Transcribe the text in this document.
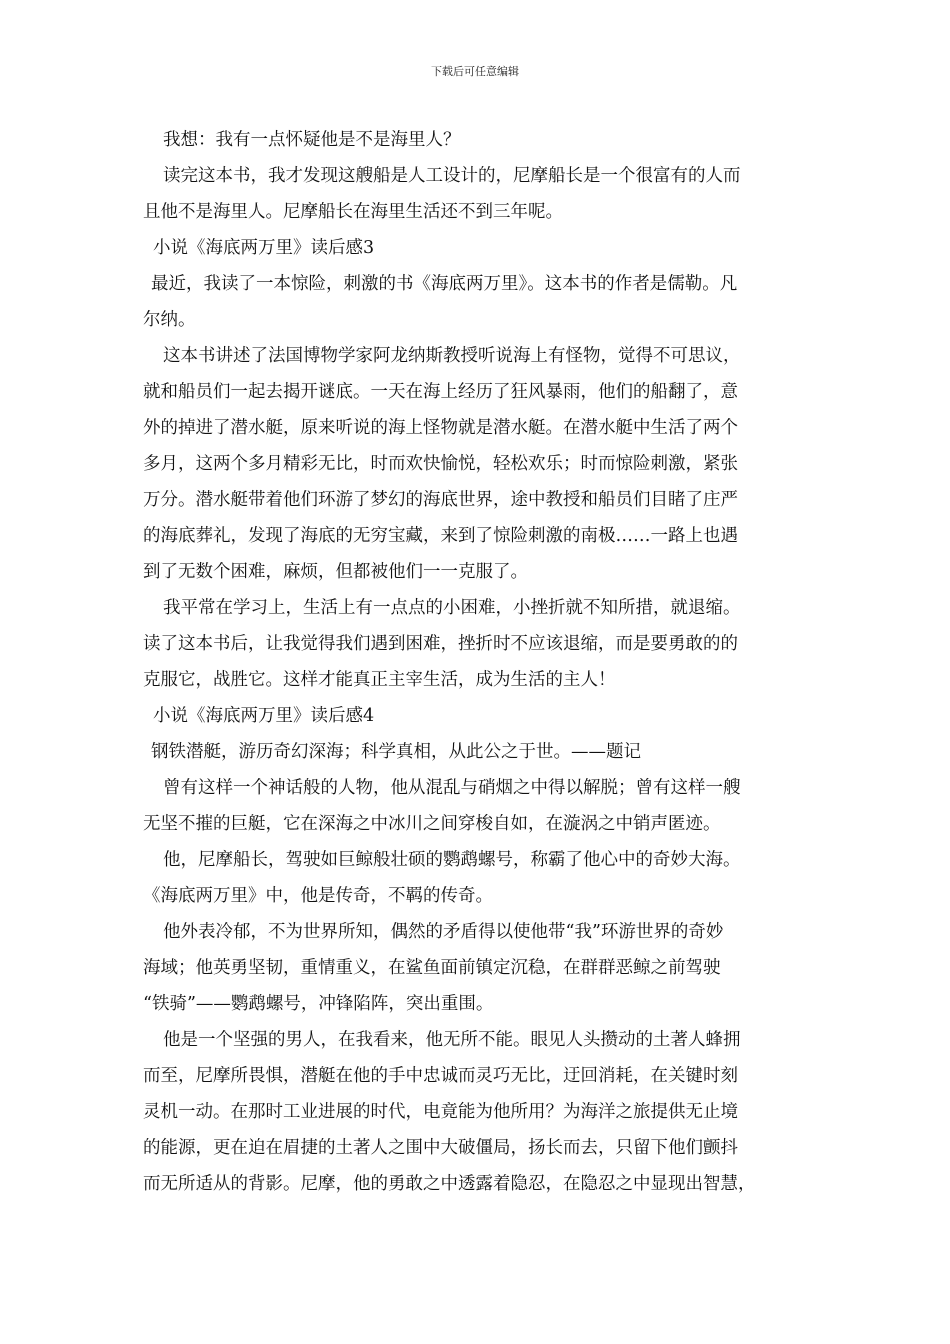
下载后可任意编辑
我想：我有一点怀疑他是不是海里人？
读完这本书，我才发现这艘船是人工设计的，尼摩船长是一个很富有的人而
且他不是海里人。尼摩船长在海里生活还不到三年呢。
小说《海底两万里》读后感3
最近，我读了一本惊险，刺激的书《海底两万里》。这本书的作者是儒勒。凡
尔纳。
这本书讲述了法国博物学家阿龙纳斯教授听说海上有怪物，觉得不可思议，
就和船员们一起去揭开谜底。一天在海上经历了狂风暴雨，他们的船翻了，意
外的掉进了潜水艇，原来听说的海上怪物就是潜水艇。在潜水艇中生活了两个
多月，这两个多月精彩无比，时而欢快愉悦，轻松欢乐；时而惊险刺激，紧张
万分。潜水艇带着他们环游了梦幻的海底世界，途中教授和船员们目睹了庄严
的海底葬礼，发现了海底的无穷宝藏，来到了惊险刺激的南极……一路上也遇
到了无数个困难，麻烦，但都被他们一一克服了。
我平常在学习上，生活上有一点点的小困难，小挫折就不知所措，就退缩。
读了这本书后，让我觉得我们遇到困难，挫折时不应该退缩，而是要勇敢的的
克服它，战胜它。这样才能真正主宰生活，成为生活的主人！
小说《海底两万里》读后感4
钢铁潜艇，游历奇幻深海；科学真相，从此公之于世。——题记
曾有这样一个神话般的人物，他从混乱与硝烟之中得以解脱；曾有这样一艘
无坚不摧的巨艇，它在深海之中冰川之间穿梭自如，在漩涡之中销声匿迹。
他，尼摩船长，驾驶如巨鲸般壮硕的鹦鹉螺号，称霸了他心中的奇妙大海。
《海底两万里》中，他是传奇，不羁的传奇。
他外表冷郁，不为世界所知，偶然的矛盾得以使他带“我”环游世界的奇妙
海域；他英勇坚韧，重情重义，在鲨鱼面前镇定沉稳，在群群恶鲸之前驾驶
“铁骑”——鹦鹉螺号，冲锋陷阵，突出重围。
他是一个坚强的男人，在我看来，他无所不能。眼见人头攒动的土著人蜂拥
而至，尼摩所畏惧，潜艇在他的手中忠诚而灵巧无比，迂回消耗，在关键时刻
灵机一动。在那时工业进展的时代，电竟能为他所用？为海洋之旅提供无止境
的能源，更在迫在眉捷的土著人之围中大破僵局，扬长而去，只留下他们颤抖
而无所适从的背影。尼摩，他的勇敢之中透露着隐忍，在隐忍之中显现出智慧，
